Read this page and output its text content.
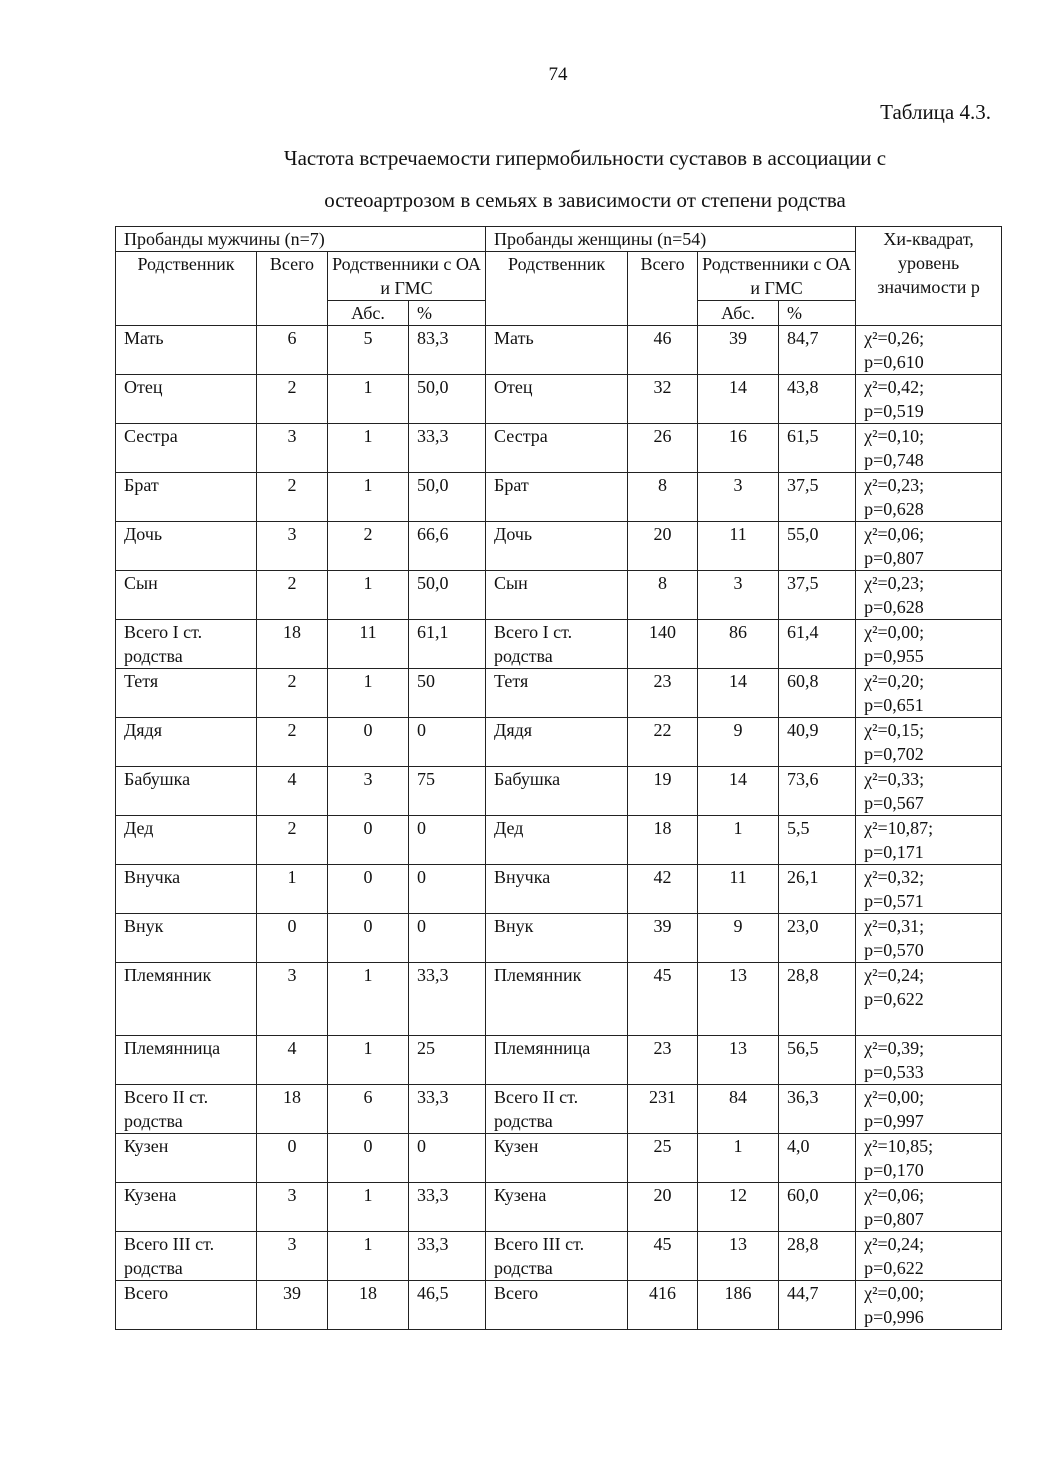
74
Таблица 4.3.
Частота встречаемости гипермобильности суставов в ассоциации с
остеоартрозом в семьях в зависимости от степени родства
Пробанды мужчины (n=7)				Пробанды женщины (n=54)				Хи-квадрат, уровень значимости р
Родственник	Всего	Родственники с ОА и ГМС		Родственник	Всего	Родственники с ОА и ГМС		
		Абс.	%			Абс.	%	
Мать	6	5	83,3	Мать	46	39	84,7	χ²=0,26;
p=0,610

Отец	2	1	50,0	Отец	32	14	43,8	χ²=0,42;
p=0,519

Сестра	3	1	33,3	Сестра	26	16	61,5	χ²=0,10;
p=0,748

Брат	2	1	50,0	Брат	8	3	37,5	χ²=0,23;
p=0,628

Дочь	3	2	66,6	Дочь	20	11	55,0	χ²=0,06;
p=0,807

Сын	2	1	50,0	Сын	8	3	37,5	χ²=0,23;
p=0,628

Всего I ст. родства	18	11	61,1	Всего I ст. родства	140	86	61,4	χ²=0,00;
p=0,955

Тетя	2	1	50	Тетя	23	14	60,8	χ²=0,20;
p=0,651

Дядя	2	0	0	Дядя	22	9	40,9	χ²=0,15;
p=0,702

Бабушка	4	3	75	Бабушка	19	14	73,6	χ²=0,33;
p=0,567

Дед	2	0	0	Дед	18	1	5,5	χ²=10,87;
p=0,171

Внучка	1	0	0	Внучка	42	11	26,1	χ²=0,32;
p=0,571

Внук	0	0	0	Внук	39	9	23,0	χ²=0,31;
p=0,570

Племянник	3	1	33,3	Племянник	45	13	28,8	χ²=0,24;
p=0,622

Племянница	4	1	25	Племянница	23	13	56,5	χ²=0,39;
p=0,533

Всего II ст. родства	18	6	33,3	Всего II ст. родства	231	84	36,3	χ²=0,00;
p=0,997

Кузен	0	0	0	Кузен	25	1	4,0	χ²=10,85;
p=0,170

Кузена	3	1	33,3	Кузена	20	12	60,0	χ²=0,06;
p=0,807

Всего III ст. родства	3	1	33,3	Всего III ст. родства	45	13	28,8	χ²=0,24;
p=0,622

Всего	39	18	46,5	Всего	416	186	44,7	χ²=0,00;
p=0,996
